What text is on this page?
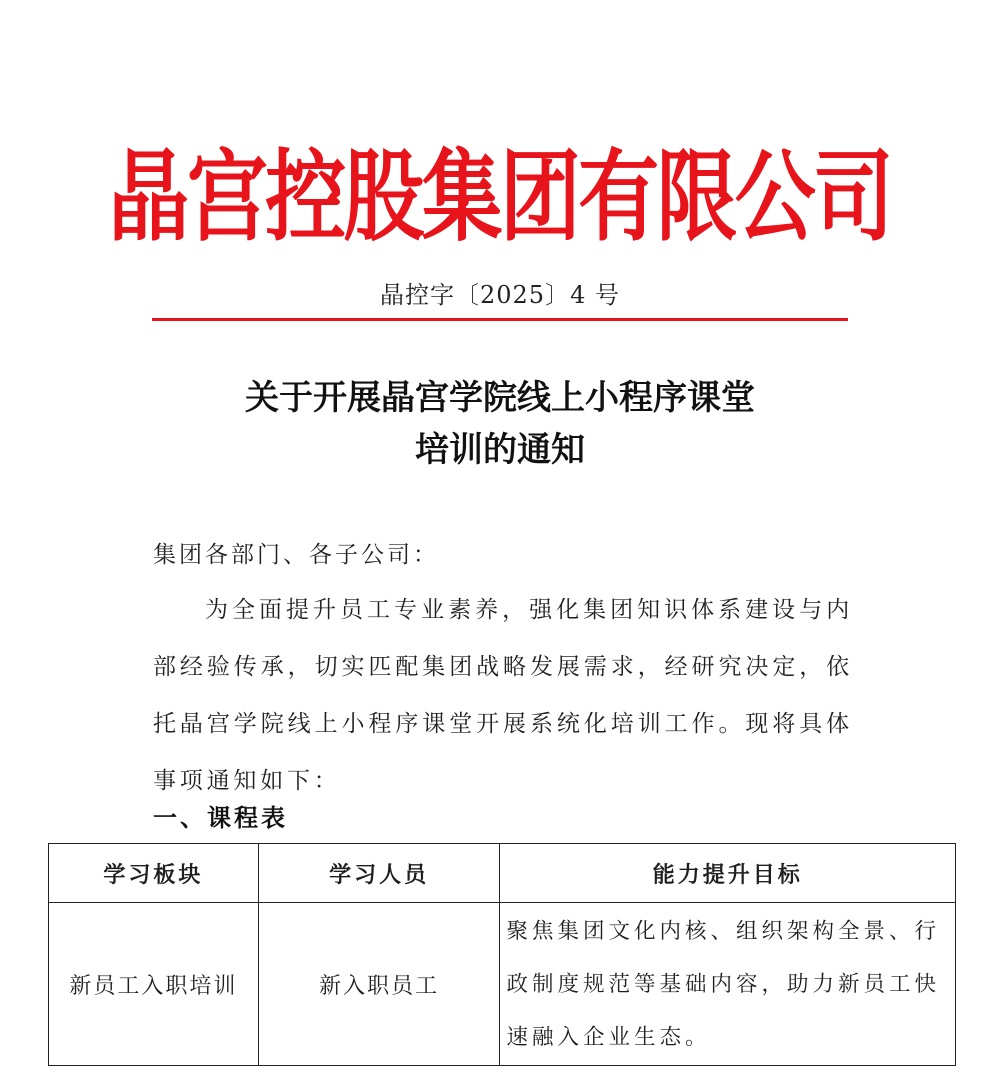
晶宫控股集团有限公司
晶控字〔2025〕4 号
关于开展晶宫学院线上小程序课堂
培训的通知
集团各部门、各子公司：
为全面提升员工专业素养，强化集团知识体系建设与内部经验传承，切实匹配集团战略发展需求，经研究决定，依托晶宫学院线上小程序课堂开展系统化培训工作。现将具体事项通知如下：
一、课程表
学习板块	学习人员	能力提升目标
新员工入职培训	新入职员工	聚焦集团文化内核、组织架构全景、行政制度规范等基础内容，助力新员工快速融入企业生态。
